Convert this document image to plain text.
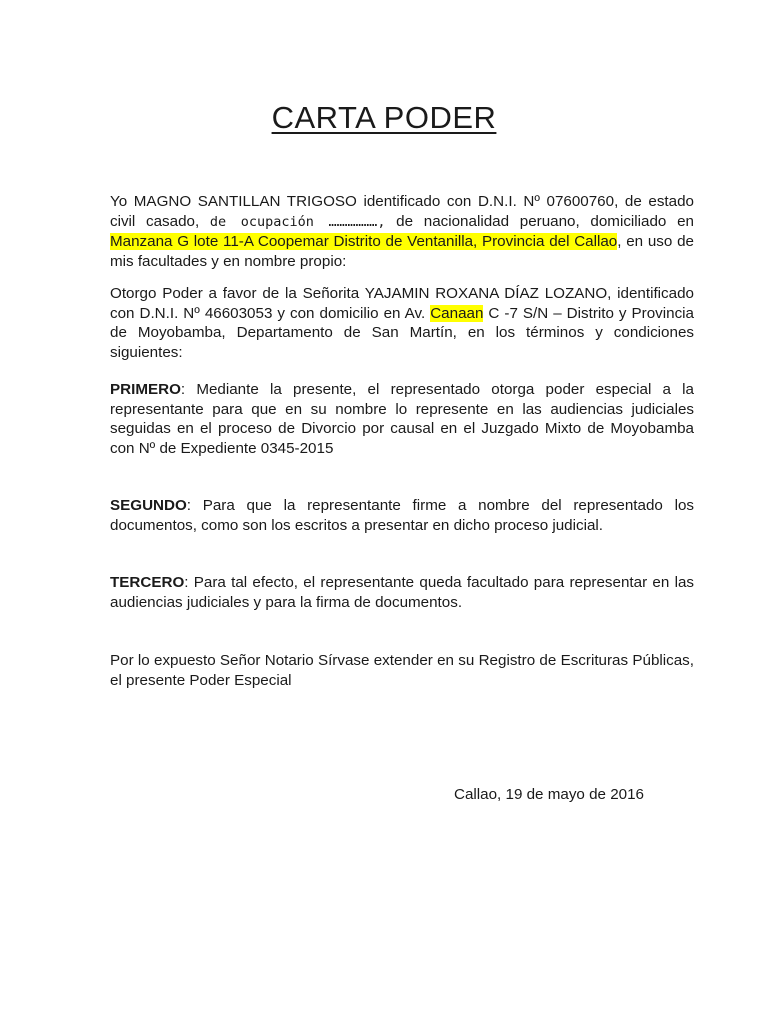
CARTA PODER
Yo MAGNO SANTILLAN TRIGOSO identificado con D.N.I. Nº 07600760, de estado civil casado, de ocupación ………………, de nacionalidad peruano, domiciliado en Manzana G lote 11-A Coopemar Distrito de Ventanilla, Provincia del Callao, en uso de mis facultades y en nombre propio:
Otorgo Poder a favor de la Señorita YAJAMIN ROXANA DÍAZ LOZANO, identificado con D.N.I. Nº 46603053 y con domicilio en Av. Canaan C -7 S/N – Distrito y Provincia de Moyobamba, Departamento de San Martín, en los términos y condiciones siguientes:
PRIMERO: Mediante la presente, el representado otorga poder especial a la representante para que en su nombre lo represente en las audiencias judiciales seguidas en el proceso de Divorcio por causal en el Juzgado Mixto de Moyobamba con Nº de Expediente 0345-2015
SEGUNDO: Para que la representante firme a nombre del representado los documentos, como son los escritos a presentar en dicho proceso judicial.
TERCERO: Para tal efecto, el representante queda facultado para representar en las audiencias judiciales y para la firma de documentos.
Por lo expuesto Señor Notario Sírvase extender en su Registro de Escrituras Públicas, el presente Poder Especial
Callao, 19 de mayo de 2016
